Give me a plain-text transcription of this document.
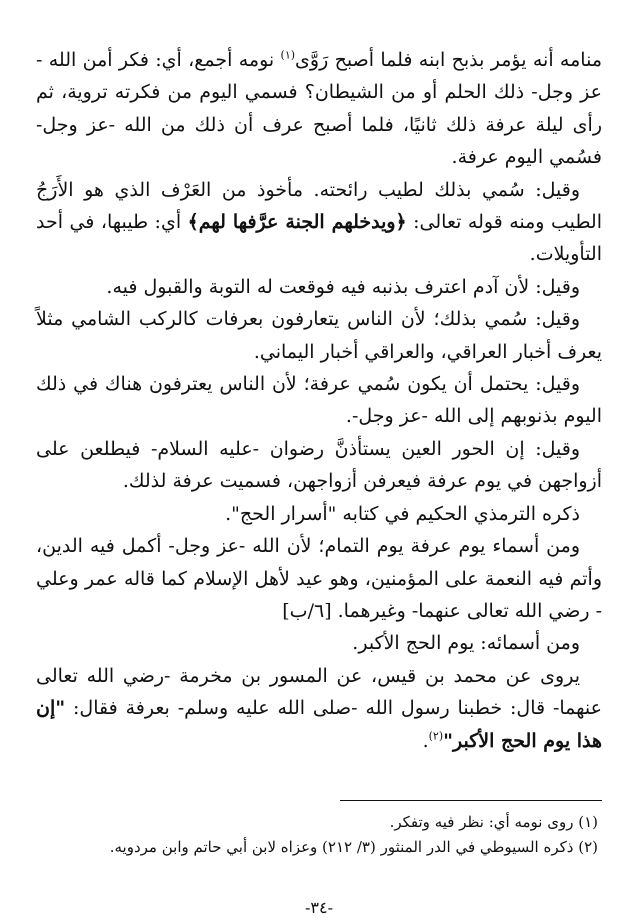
منامه أنه يؤمر بذبح ابنه فلما أصبح رَوَّى$^{(١)}$ نومه أجمع، أي: فكر أمن الله - عز وجل- ذلك الحلم أو من الشيطان؟ فسمي اليوم من فكرته تروية، ثم رأى ليلة عرفة ذلك ثانيًا، فلما أصبح عرف أن ذلك من الله -عز وجل- فسُمي اليوم عرفة.

وقيل: سُمي بذلك لطيب رائحته. مأخوذ من العَرْف الذي هو الأَرَجُ الطيب ومنه قوله تعالى: ﴿ويدخلهم الجنة عرَّفها لهم﴾ أي: طيبها، في أحد التأويلات.

وقيل: لأن آدم اعترف بذنبه فيه فوقعت له التوبة والقبول فيه.

وقيل: سُمي بذلك؛ لأن الناس يتعارفون بعرفات كالركب الشامي مثلاً يعرف أخبار العراقي، والعراقي أخبار اليماني.

وقيل: يحتمل أن يكون سُمي عرفة؛ لأن الناس يعترفون هناك في ذلك اليوم بذنوبهم إلى الله -عز وجل-.

وقيل: إن الحور العين يستأذنَّ رضوان -عليه السلام- فيطلعن على أزواجهن في يوم عرفة فيعرفن أزواجهن، فسميت عرفة لذلك.

ذكره الترمذي الحكيم في كتابه "أسرار الحج".

ومن أسماء يوم عرفة يوم التمام؛ لأن الله -عز وجل- أكمل فيه الدين، وأتم فيه النعمة على المؤمنين، وهو عيد لأهل الإسلام كما قاله عمر وعلي - رضي الله تعالى عنهما- وغيرهما. [٦/ب]

ومن أسمائه: يوم الحج الأكبر.

يروى عن محمد بن قيس، عن المسور بن مخرمة -رضي الله تعالى عنهما- قال: خطبنا رسول الله -صلى الله عليه وسلم- بعرفة فقال: "إن هذا يوم الحج الأكبر"$^{(٢)}$.

(١) روى نومه أي: نظر فيه وتفكر.

(٢) ذكره السيوطي في الدر المنثور (٣/ ٢١٢) وعزاه لابن أبي حاتم وابن مردويه.

-٣٤-
